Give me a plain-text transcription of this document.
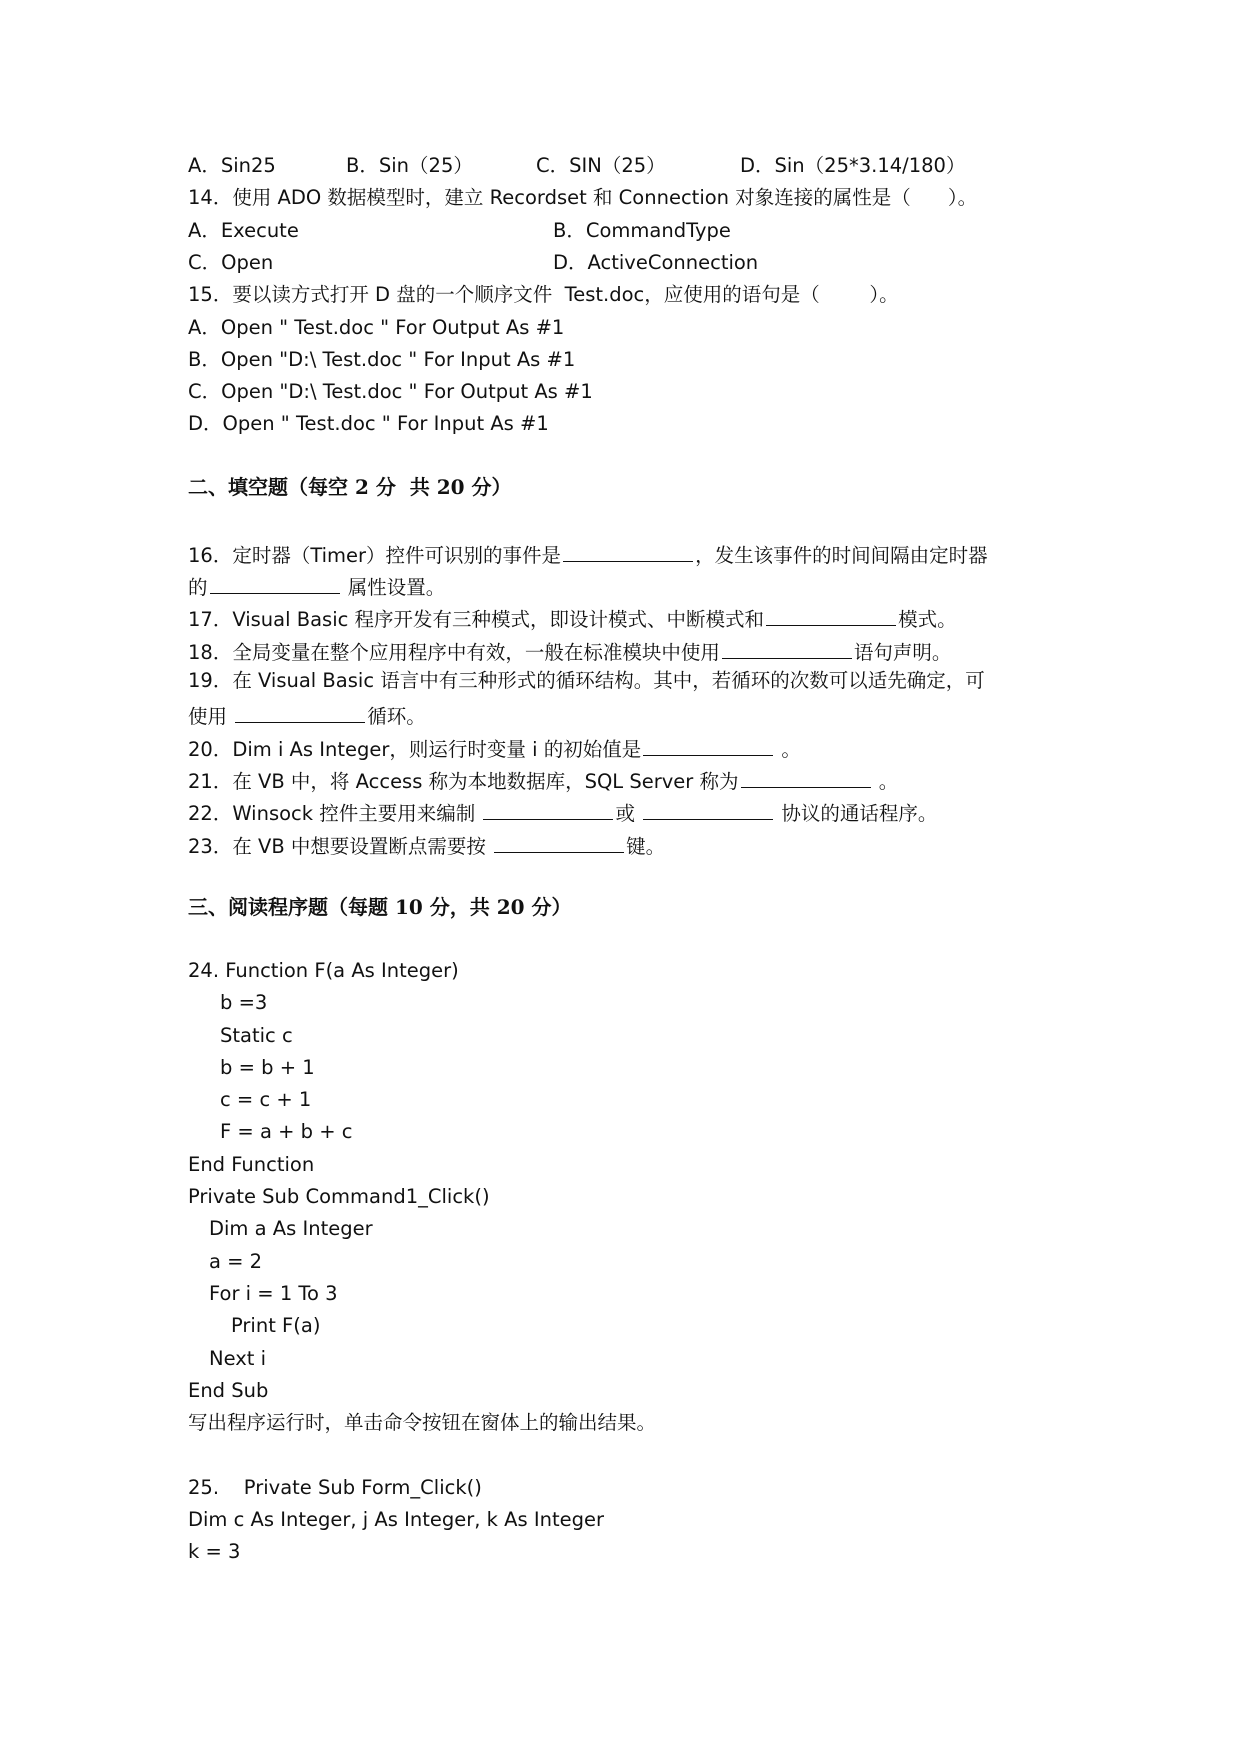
A．Sin25	B．Sin（25）	C．SIN（25）	D．Sin（25*3.14/180）
14．使用 ADO 数据模型时，建立 Recordset 和 Connection 对象连接的属性是（      ）。
A．Execute	B．CommandType
C．Open	D．ActiveConnection
15．要以读方式打开 D 盘的一个顺序文件  Test.doc，应使用的语句是（        ）。
A．Open " Test.doc " For Output As #1
B．Open "D:\ Test.doc " For Input As #1
C．Open "D:\ Test.doc " For Output As #1
D．Open " Test.doc " For Input As #1
二、填空题（每空 2 分  共 20 分）
16．定时器（Timer）控件可识别的事件是	，发生该事件的时间间隔由定时器
的	属性设置。
17．Visual Basic 程序开发有三种模式，即设计模式、中断模式和	模式。
18．全局变量在整个应用程序中有效，一般在标准模块中使用	语句声明。
19．在 Visual Basic 语言中有三种形式的循环结构。其中，若循环的次数可以适先确定，可
使用	循环。
20．Dim i As Integer，则运行时变量 i 的初始值是	。
21．在 VB 中，将 Access 称为本地数据库，SQL Server 称为	。
22．Winsock 控件主要用来编制	或	协议的通话程序。
23．在 VB 中想要设置断点需要按	键。
三、阅读程序题（每题 10 分，共 20 分）
24. Function F(a As Integer)
b =3
Static c
b = b + 1
c = c + 1
F = a + b + c
End Function
Private Sub Command1_Click()
Dim a As Integer
a = 2
For i = 1 To 3
Print F(a)
Next i
End Sub
写出程序运行时，单击命令按钮在窗体上的输出结果。
25.    Private Sub Form_Click()
Dim c As Integer, j As Integer, k As Integer
k = 3
